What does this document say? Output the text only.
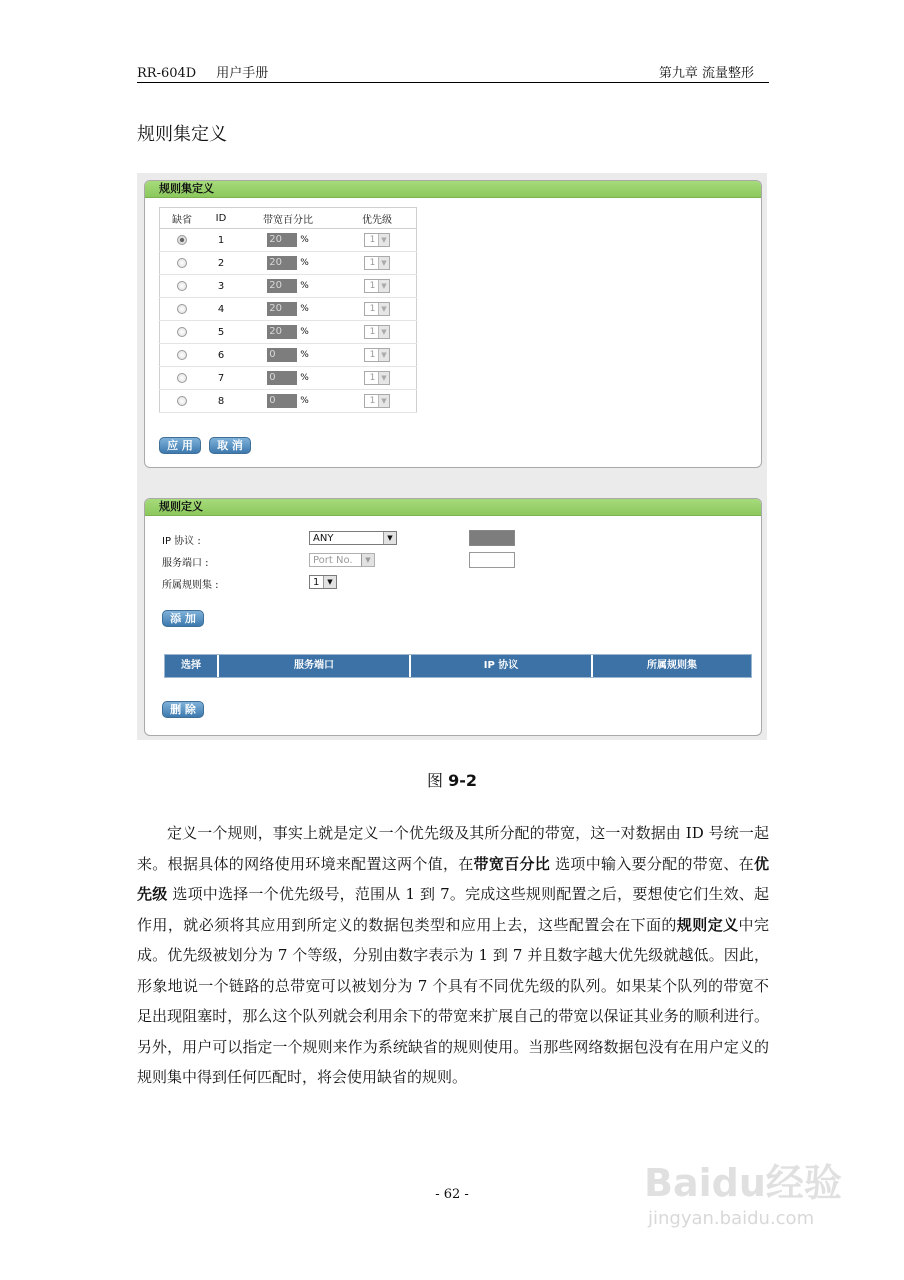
RR-604D 用户手册	第九章 流量整形
规则集定义
规则集定义
缺省	ID	带宽百分比	优先级
	1	20 %	1 ▼

	2	20 %	1 ▼

	3	20 %	1 ▼

	4	20 %	1 ▼

	5	20 %	1 ▼

	6	0 %	1 ▼

	7	0 %	1 ▼

	8	0 %	1 ▼
应 用	取 消
规则定义
IP 协议 :	ANY	▼
服务端口 :	Port No.	▼
所属规则集 :	1	▼
添 加
选择	服务端口	IP 协议	所属规则集
删 除
图 9-2
定义一个规则，事实上就是定义一个优先级及其所分配的带宽，这一对数据由 ID 号统一起来。根据具体的网络使用环境来配置这两个值，在带宽百分比 选项中输入要分配的带宽、在优先级 选项中选择一个优先级号，范围从 1 到 7。完成这些规则配置之后，要想使它们生效、起作用，就必须将其应用到所定义的数据包类型和应用上去，这些配置会在下面的规则定义中完成。优先级被划分为 7 个等级，分别由数字表示为 1 到 7 并且数字越大优先级就越低。因此，形象地说一个链路的总带宽可以被划分为 7 个具有不同优先级的队列。如果某个队列的带宽不足出现阻塞时，那么这个队列就会利用余下的带宽来扩展自己的带宽以保证其业务的顺利进行。另外，用户可以指定一个规则来作为系统缺省的规则使用。当那些网络数据包没有在用户定义的规则集中得到任何匹配时，将会使用缺省的规则。
- 62 -	Baidu经验
jingyan.baidu.com
